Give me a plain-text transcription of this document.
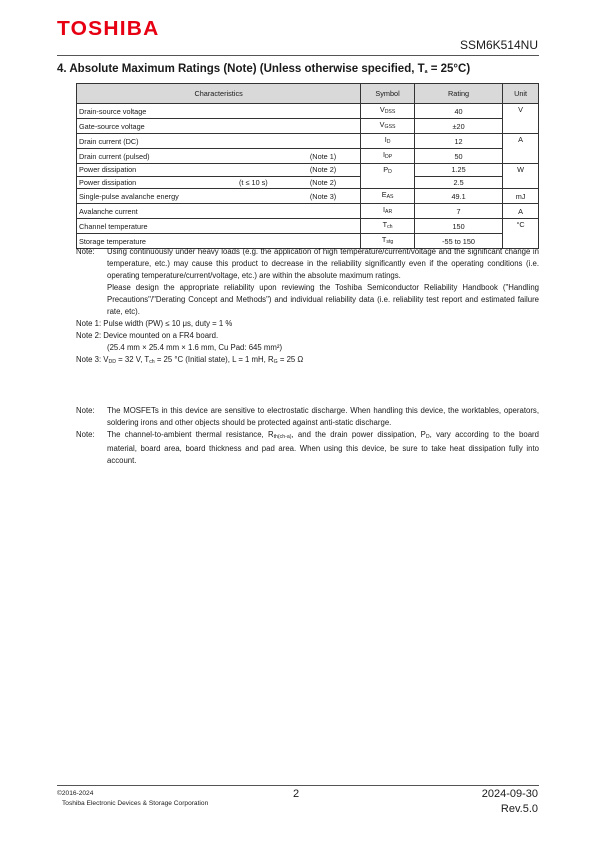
TOSHIBA
SSM6K514NU
4. Absolute Maximum Ratings (Note) (Unless otherwise specified, $T_a = 25^\circ C$)
Characteristics	Symbol	Rating	Unit
Drain-source voltage	$V_{DSS}$	40	V
Gate-source voltage	$V_{GSS}$	±20	
Drain current (DC)	$I_D$	12	A

Drain current (pulsed) (Note 1)	$I_{DP}$	50	

Power dissipation (Note 2)	$P_D$	1.25	W

Power dissipation (t ≤ 10 s) (Note 2)		2.5	

Single-pulse avalanche energy (Note 3)	$E_{AS}$	49.1	mJ
Avalanche current	$I_{AR}$	7	A
Channel temperature	$T_{ch}$	150	°C
Storage temperature	$T_{stg}$	-55 to 150	
Note: Using continuously under heavy loads (e.g. the application of high temperature/current/voltage and the significant change in temperature, etc.) may cause this product to decrease in the reliability significantly even if the operating conditions (i.e. operating temperature/current/voltage, etc.) are within the absolute maximum ratings.
Please design the appropriate reliability upon reviewing the Toshiba Semiconductor Reliability Handbook ("Handling Precautions"/"Derating Concept and Methods") and individual reliability data (i.e. reliability test report and estimated failure rate, etc).
Note 1: Pulse width (PW) ≤ 10 μs, duty = 1 %
Note 2: Device mounted on a FR4 board.
(25.4 mm × 25.4 mm × 1.6 mm, Cu Pad: 645 mm²)
Note 3: $V_{DD} = 32$ V, $T_{ch} = 25$ °C (Initial state), L = 1 mH, $R_G = 25$ Ω
Note: The MOSFETs in this device are sensitive to electrostatic discharge. When handling this device, the worktables, operators, soldering irons and other objects should be protected against anti-static discharge.
Note: The channel-to-ambient thermal resistance, $R_{th(ch-a)}$, and the drain power dissipation, $P_D$, vary according to the board material, board area, board thickness and pad area. When using this device, be sure to take heat dissipation fully into account.
©2016-2024
Toshiba Electronic Devices & Storage Corporation
2	2024-09-30
Rev.5.0
